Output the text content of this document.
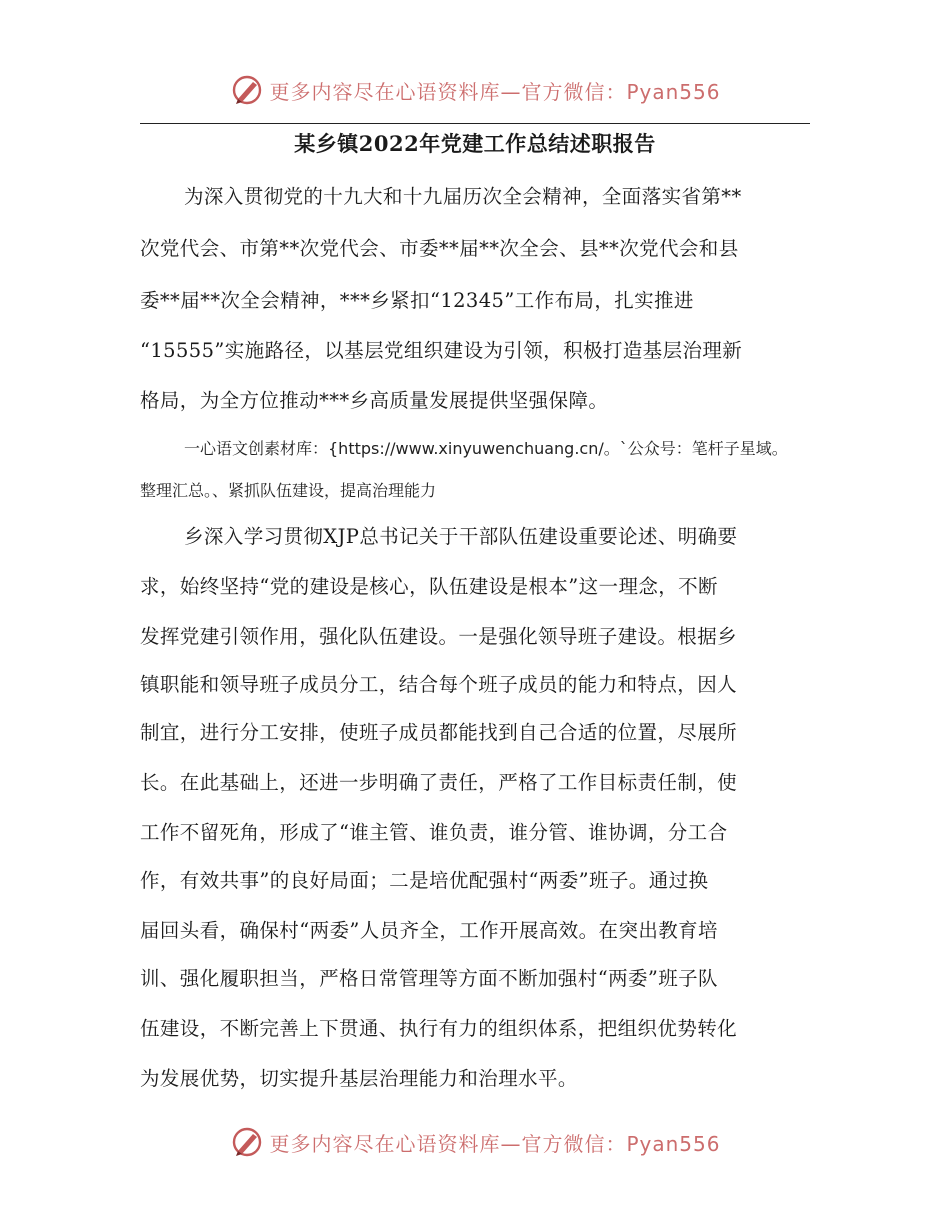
更多内容尽在心语资料库—官方微信：Pyan556
某乡镇2022年党建工作总结述职报告
为深入贯彻党的十九大和十九届历次全会精神，全面落实省第**
次党代会、市第**次党代会、市委**届**次全会、县**次党代会和县
委**届**次全会精神，***乡紧扣“12345”工作布局，扎实推进
“15555”实施路径，以基层党组织建设为引领，积极打造基层治理新
格局，为全方位推动***乡高质量发展提供坚强保障。
一心语文创素材库：{https://www.xinyuwenchuang.cn/。`公众号：笔杆子星域。
整理汇总。、紧抓队伍建设，提高治理能力
乡深入学习贯彻XJP总书记关于干部队伍建设重要论述、明确要
求，始终坚持“党的建设是核心，队伍建设是根本”这一理念，不断
发挥党建引领作用，强化队伍建设。一是强化领导班子建设。根据乡
镇职能和领导班子成员分工，结合每个班子成员的能力和特点，因人
制宜，进行分工安排，使班子成员都能找到自己合适的位置，尽展所
长。在此基础上，还进一步明确了责任，严格了工作目标责任制，使
工作不留死角，形成了“谁主管、谁负责，谁分管、谁协调，分工合
作，有效共事”的良好局面；二是培优配强村“两委”班子。通过换
届回头看，确保村“两委”人员齐全，工作开展高效。在突出教育培
训、强化履职担当，严格日常管理等方面不断加强村“两委”班子队
伍建设，不断完善上下贯通、执行有力的组织体系，把组织优势转化
为发展优势，切实提升基层治理能力和治理水平。
更多内容尽在心语资料库—官方微信：Pyan556
